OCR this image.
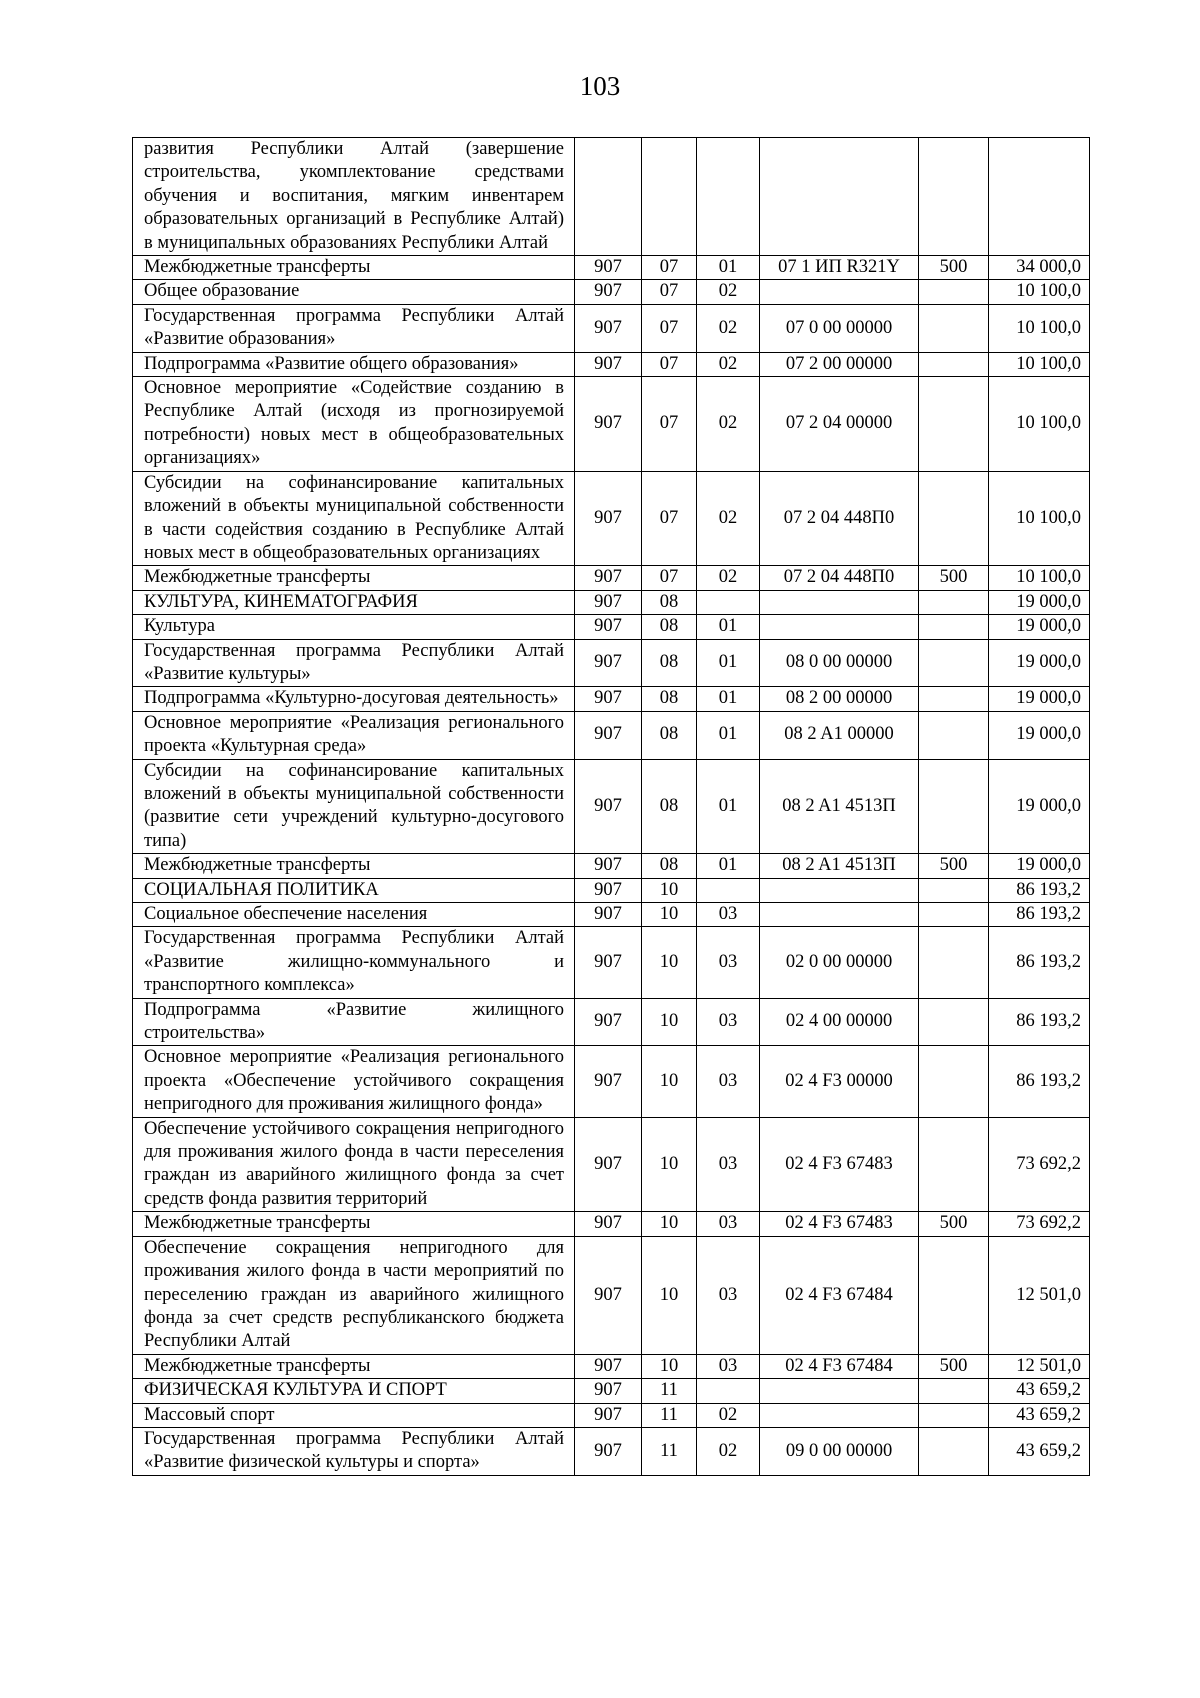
103
развития Республики Алтай (завершение строительства, укомплектование средствами обучения и воспитания, мягким инвентарем образовательных организаций в Республике Алтай) в муниципальных образованиях Республики Алтай						
Межбюджетные трансферты	907	07	01	07 1 ИП R321Y	500	34 000,0
Общее образование	907	07	02			10 100,0
Государственная программа Республики Алтай «Развитие образования»	907	07	02	07 0 00 00000		10 100,0
Подпрограмма «Развитие общего образования»	907	07	02	07 2 00 00000		10 100,0
Основное мероприятие «Содействие созданию в Республике Алтай (исходя из прогнозируемой потребности) новых мест в общеобразовательных организациях»	907	07	02	07 2 04 00000		10 100,0
Субсидии на софинансирование капитальных вложений в объекты муниципальной собственности в части содействия созданию в Республике Алтай новых мест в общеобразовательных организациях	907	07	02	07 2 04 448П0		10 100,0
Межбюджетные трансферты	907	07	02	07 2 04 448П0	500	10 100,0
КУЛЬТУРА, КИНЕМАТОГРАФИЯ	907	08				19 000,0
Культура	907	08	01			19 000,0
Государственная программа Республики Алтай «Развитие культуры»	907	08	01	08 0 00 00000		19 000,0
Подпрограмма «Культурно-досуговая деятельность»	907	08	01	08 2 00 00000		19 000,0
Основное мероприятие «Реализация регионального проекта «Культурная среда»	907	08	01	08 2 A1 00000		19 000,0
Субсидии на софинансирование капитальных вложений в объекты муниципальной собственности (развитие сети учреждений культурно-досугового типа)	907	08	01	08 2 A1 4513П		19 000,0
Межбюджетные трансферты	907	08	01	08 2 A1 4513П	500	19 000,0
СОЦИАЛЬНАЯ ПОЛИТИКА	907	10				86 193,2
Социальное обеспечение населения	907	10	03			86 193,2
Государственная программа Республики Алтай «Развитие жилищно-коммунального и транспортного комплекса»	907	10	03	02 0 00 00000		86 193,2
Подпрограмма «Развитие жилищного строительства»	907	10	03	02 4 00 00000		86 193,2
Основное мероприятие «Реализация регионального проекта «Обеспечение устойчивого сокращения непригодного для проживания жилищного фонда»	907	10	03	02 4 F3 00000		86 193,2
Обеспечение устойчивого сокращения непригодного для проживания жилого фонда в части переселения граждан из аварийного жилищного фонда за счет средств фонда развития территорий	907	10	03	02 4 F3 67483		73 692,2
Межбюджетные трансферты	907	10	03	02 4 F3 67483	500	73 692,2
Обеспечение сокращения непригодного для проживания жилого фонда в части мероприятий по переселению граждан из аварийного жилищного фонда за счет средств республиканского бюджета Республики Алтай	907	10	03	02 4 F3 67484		12 501,0
Межбюджетные трансферты	907	10	03	02 4 F3 67484	500	12 501,0
ФИЗИЧЕСКАЯ КУЛЬТУРА И СПОРТ	907	11				43 659,2
Массовый спорт	907	11	02			43 659,2
Государственная программа Республики Алтай «Развитие физической культуры и спорта»	907	11	02	09 0 00 00000		43 659,2
